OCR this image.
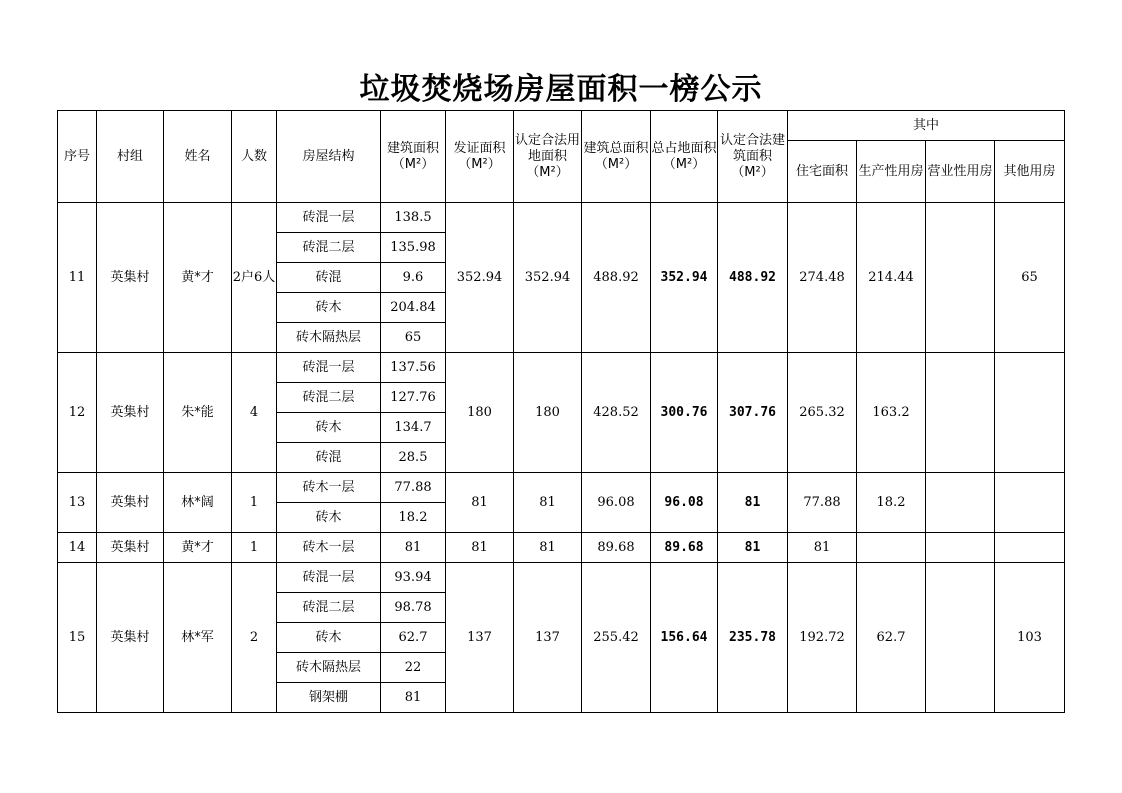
垃圾焚烧场房屋面积一榜公示
序号	村组	姓名	人数	房屋结构	建筑面积（M²）	发证面积（M²）	认定合法用地面积（M²）	建筑总面积 （M²）	总占地面积（M²）	认定合法建筑面积（M²）	其中			
											住宅面积	生产性用房	营业性用房	其他用房
11	英集村	黄*才	2户6人	砖混一层	138.5	352.94	352.94	488.92	352.94	488.92	274.48	214.44		65
				砖混二层	135.98									
				砖混	9.6									
				砖木	204.84									
				砖木隔热层	65									
12	英集村	朱*能	4	砖混一层	137.56	180	180	428.52	300.76	307.76	265.32	163.2		
				砖混二层	127.76									
				砖木	134.7									
				砖混	28.5									
13	英集村	林*阔	1	砖木一层	77.88	81	81	96.08	96.08	81	77.88	18.2		
				砖木	18.2									
14	英集村	黄*才	1	砖木一层	81	81	81	89.68	89.68	81	81			
15	英集村	林*军	2	砖混一层	93.94	137	137	255.42	156.64	235.78	192.72	62.7		103
				砖混二层	98.78									
				砖木	62.7									
				砖木隔热层	22									
				钢架棚	81									
